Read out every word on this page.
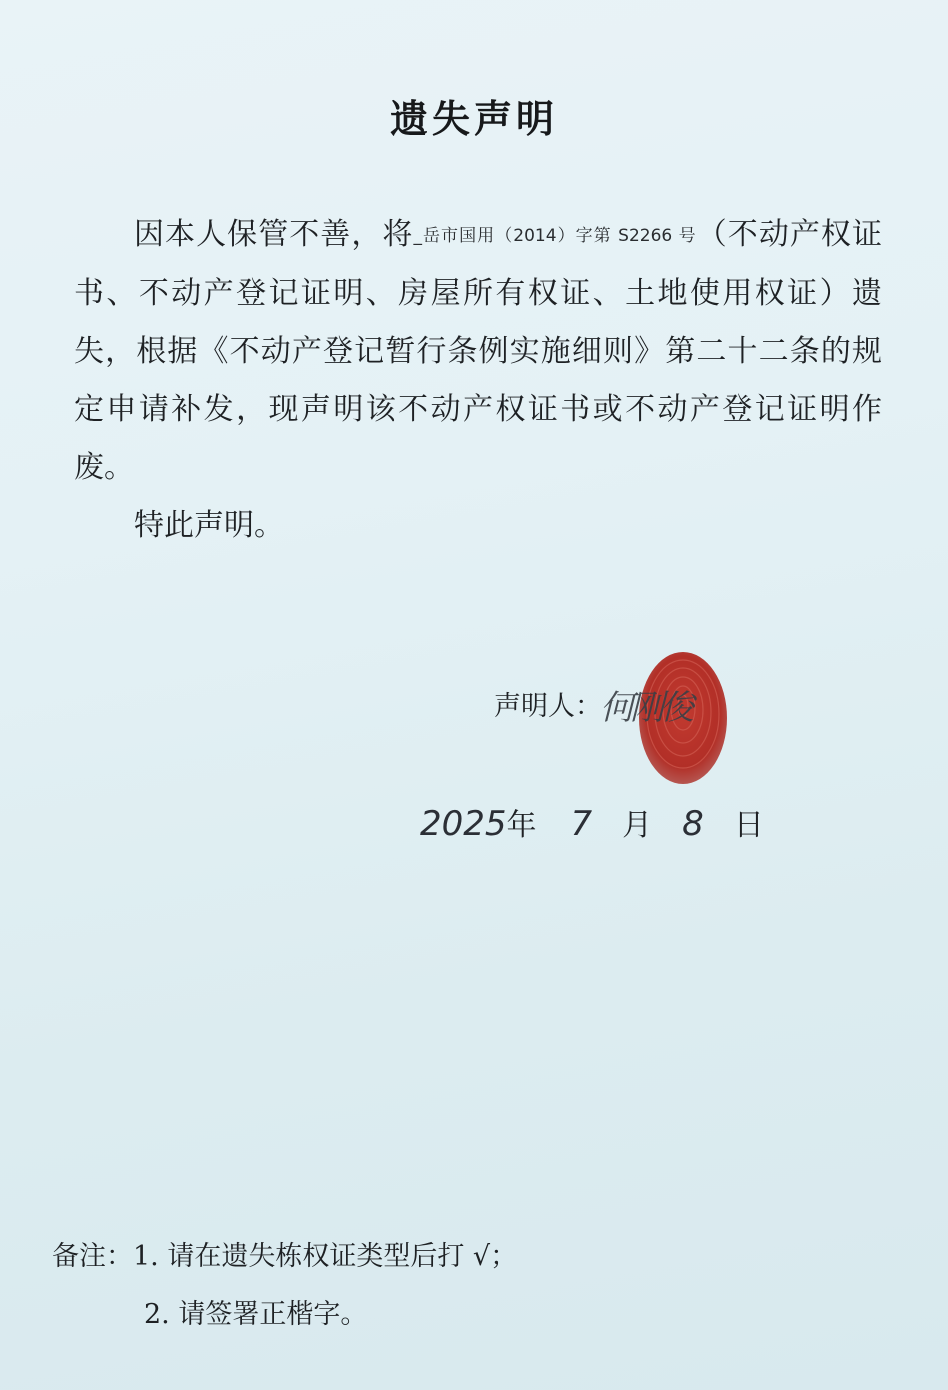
遗失声明

因本人保管不善，将_岳市国用（2014）字第 S2266 号（不动产权证书、不动产登记证明、房屋所有权证、土地使用权证）遗失，根据《不动产登记暂行条例实施细则》第二十二条的规定申请补发，现声明该不动产权证书或不动产登记证明作废。

特此声明。
声明人：
何刚俊
2025年 7 月 8 日
备注：1. 请在遗失栋权证类型后打 √；
2. 请签署正楷字。
